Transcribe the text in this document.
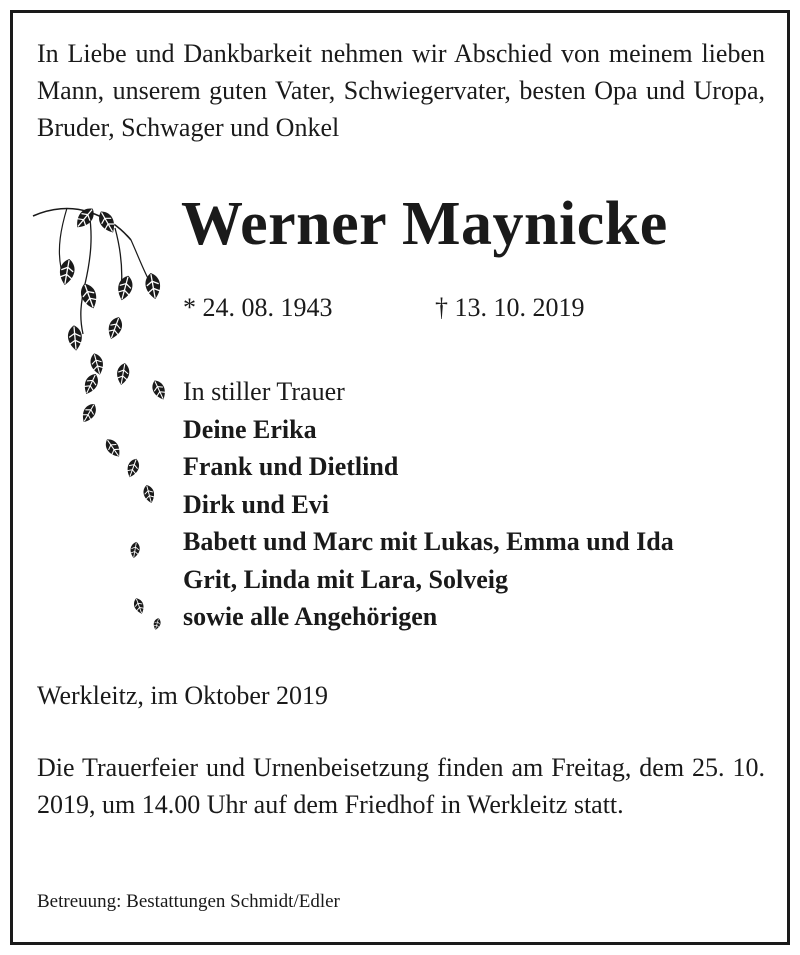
In Liebe und Dankbarkeit nehmen wir Abschied von meinem lieben Mann, unserem guten Vater, Schwiegervater, besten Opa und Uropa, Bruder, Schwager und Onkel
Werner Maynicke
* 24. 08. 1943	† 13. 10. 2019
In stiller Trauer
Deine Erika
Frank und Dietlind
Dirk und Evi
Babett und Marc mit Lukas, Emma und Ida
Grit, Linda mit Lara, Solveig
sowie alle Angehörigen
Werkleitz, im Oktober 2019
Die Trauerfeier und Urnenbeisetzung finden am Freitag, dem 25. 10. 2019, um 14.00 Uhr auf dem Friedhof in Werkleitz statt.
Betreuung: Bestattungen Schmidt/Edler
